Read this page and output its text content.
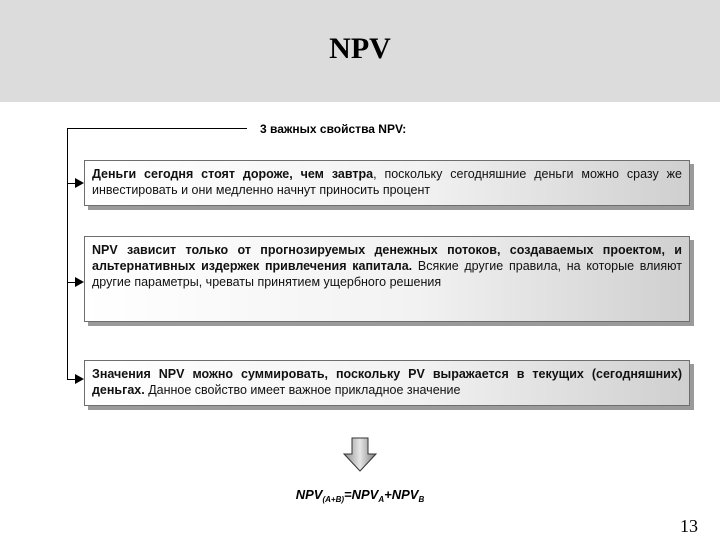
NPV
3 важных свойства NPV:
Деньги сегодня стоят дороже, чем завтра, поскольку сегодняшние деньги можно сразу же инвестировать и они медленно начнут приносить процент
NPV зависит только от прогнозируемых денежных потоков, создаваемых проектом, и альтернативных издержек привлечения капитала. Всякие другие правила, на которые влияют другие параметры, чреваты принятием ущербного решения
Значения NPV можно суммировать, поскольку PV выражается в текущих (сегодняшних) деньгах. Данное свойство имеет важное прикладное значение
$NPV_{(A+B)}=NPV_A+NPV_B$
13
